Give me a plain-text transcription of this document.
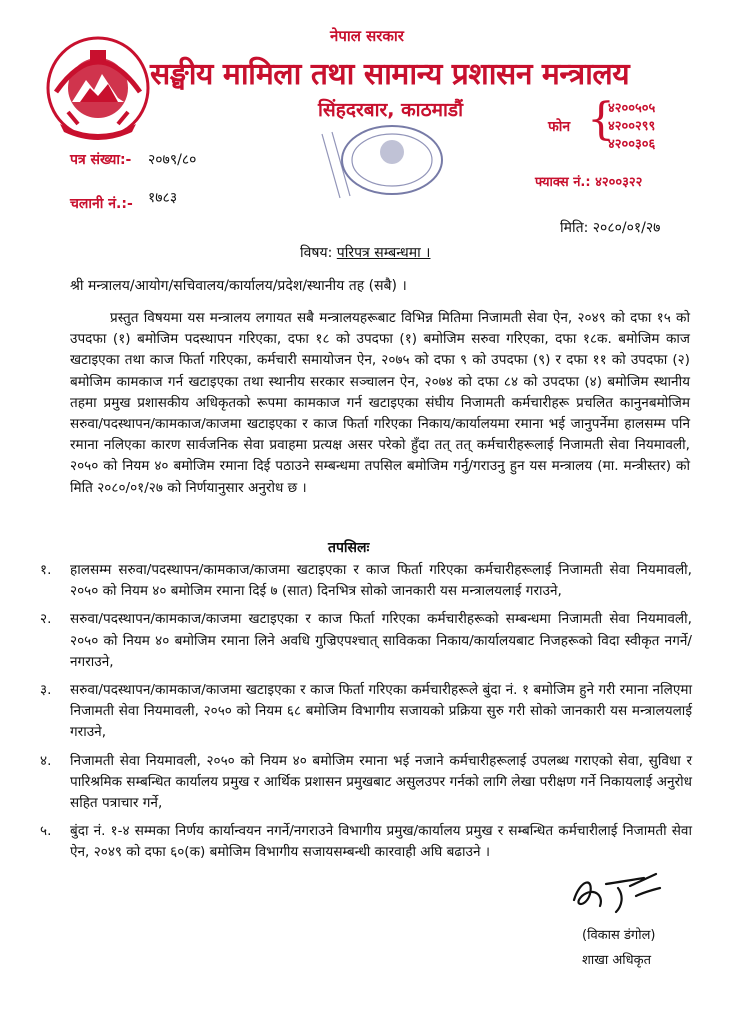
नेपाल सरकार
सङ्घीय मामिला तथा सामान्य प्रशासन मन्त्रालय
सिंहदरबार, काठमाडौं
फोन {
४२००५०५
४२००२९९
४२००३०६
फ्याक्स नं.: ४२००३२२
पत्र संख्या:- २०७९/८०
चलानी नं.:- १७८३
मिति: २०८०/०१/२७
विषय: परिपत्र सम्बन्धमा ।
श्री मन्त्रालय/आयोग/सचिवालय/कार्यालय/प्रदेश/स्थानीय तह (सबै) ।
प्रस्तुत विषयमा यस मन्त्रालय लगायत सबै मन्त्रालयहरूबाट विभिन्न मितिमा निजामती सेवा ऐन, २०४९ को दफा १५ को उपदफा (१) बमोजिम पदस्थापन गरिएका, दफा १८ को उपदफा (१) बमोजिम सरुवा गरिएका, दफा १८क. बमोजिम काज खटाइएका तथा काज फिर्ता गरिएका, कर्मचारी समायोजन ऐन, २०७५ को दफा ९ को उपदफा (९) र दफा ११ को उपदफा (२) बमोजिम कामकाज गर्न खटाइएका तथा स्थानीय सरकार सञ्चालन ऐन, २०७४ को दफा ८४ को उपदफा (४) बमोजिम स्थानीय तहमा प्रमुख प्रशासकीय अधिकृतको रूपमा कामकाज गर्न खटाइएका संघीय निजामती कर्मचारीहरू प्रचलित कानुनबमोजिम सरुवा/पदस्थापन/कामकाज/काजमा खटाइएका र काज फिर्ता गरिएका निकाय/कार्यालयमा रमाना भई जानुपर्नेमा हालसम्म पनि रमाना नलिएका कारण सार्वजनिक सेवा प्रवाहमा प्रत्यक्ष असर परेको हुँदा तत् तत् कर्मचारीहरूलाई निजामती सेवा नियमावली, २०५० को नियम ४० बमोजिम रमाना दिई पठाउने सम्बन्धमा तपसिल बमोजिम गर्नु/गराउनु हुन यस मन्त्रालय (मा. मन्त्रीस्तर) को मिति २०८०/०१/२७ को निर्णयानुसार अनुरोध छ ।
तपसिलः
१.	हालसम्म सरुवा/पदस्थापन/कामकाज/काजमा खटाइएका र काज फिर्ता गरिएका कर्मचारीहरूलाई निजामती सेवा नियमावली, २०५० को नियम ४० बमोजिम रमाना दिई ७ (सात) दिनभित्र सोको जानकारी यस मन्त्रालयलाई गराउने,
२.	सरुवा/पदस्थापन/कामकाज/काजमा खटाइएका र काज फिर्ता गरिएका कर्मचारीहरूको सम्बन्धमा निजामती सेवा नियमावली, २०५० को नियम ४० बमोजिम रमाना लिने अवधि गुज्रिएपश्चात् साविकका निकाय/कार्यालयबाट निजहरूको विदा स्वीकृत नगर्ने/नगराउने,
३.	सरुवा/पदस्थापन/कामकाज/काजमा खटाइएका र काज फिर्ता गरिएका कर्मचारीहरूले बुंदा नं. १ बमोजिम हुने गरी रमाना नलिएमा निजामती सेवा नियमावली, २०५० को नियम ६८ बमोजिम विभागीय सजायको प्रक्रिया सुरु गरी सोको जानकारी यस मन्त्रालयलाई गराउने,
४.	निजामती सेवा नियमावली, २०५० को नियम ४० बमोजिम रमाना भई नजाने कर्मचारीहरूलाई उपलब्ध गराएको सेवा, सुविधा र पारिश्रमिक सम्बन्धित कार्यालय प्रमुख र आर्थिक प्रशासन प्रमुखबाट असुलउपर गर्नको लागि लेखा परीक्षण गर्ने निकायलाई अनुरोध सहित पत्राचार गर्ने,
५.	बुंदा नं. १-४ सम्मका निर्णय कार्यान्वयन नगर्ने/नगराउने विभागीय प्रमुख/कार्यालय प्रमुख र सम्बन्धित कर्मचारीलाई निजामती सेवा ऐन, २०४९ को दफा ६०(क) बमोजिम विभागीय सजायसम्बन्धी कारवाही अघि बढाउने ।
(विकास डंगोल)
शाखा अधिकृत
